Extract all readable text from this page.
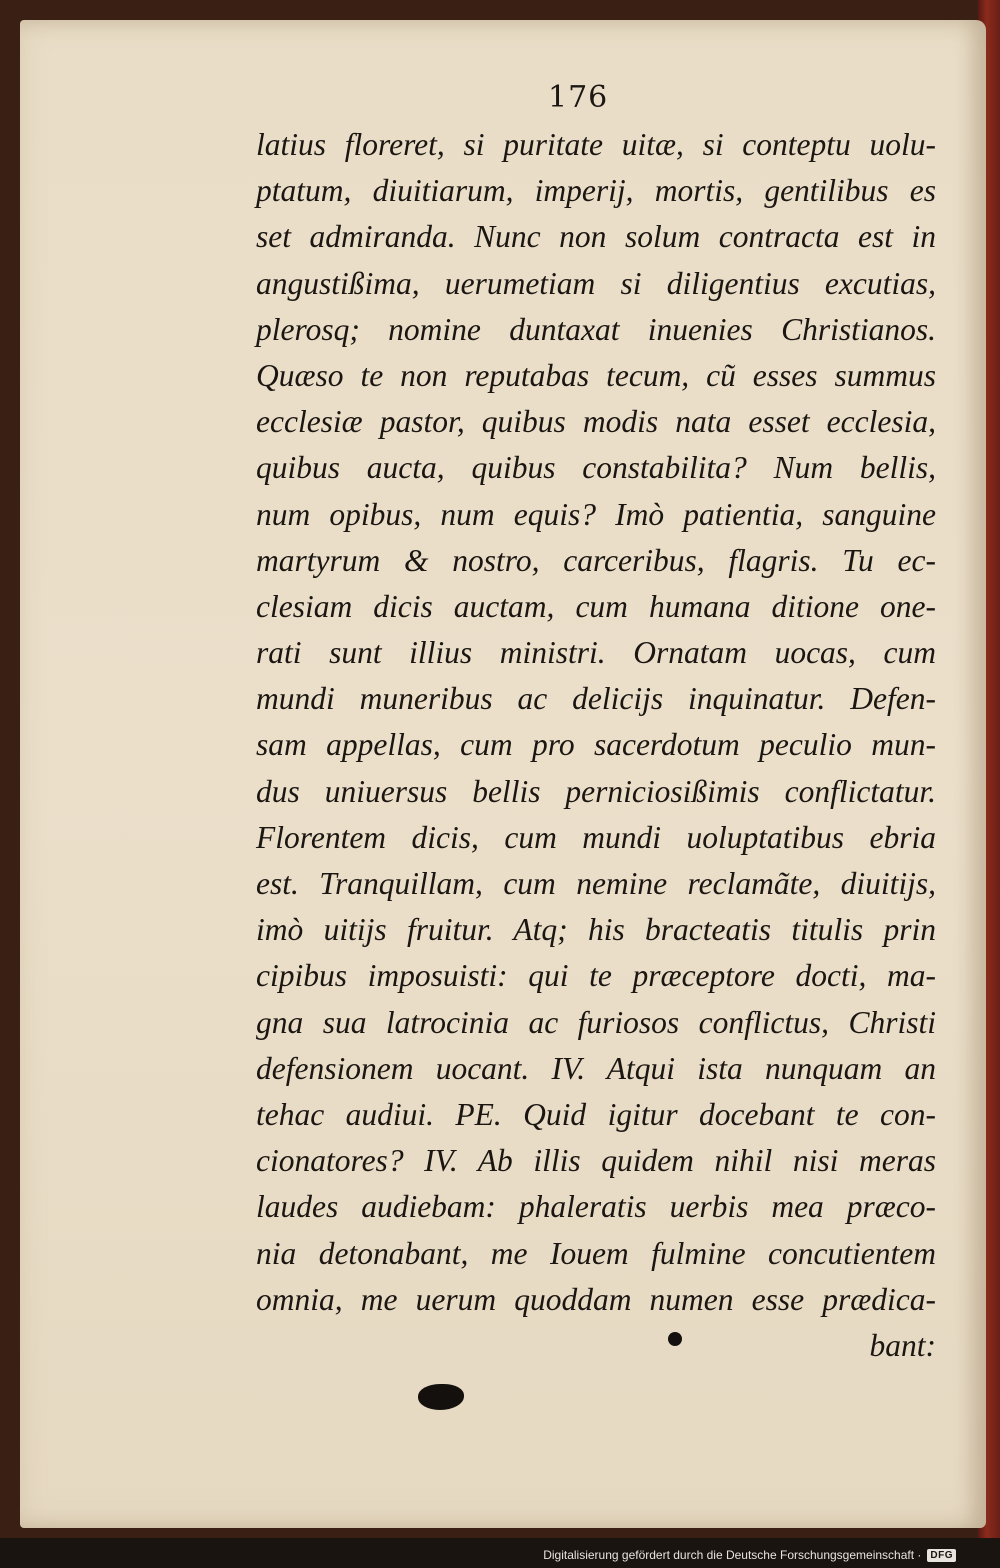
176
latius floreret, si puritate uitæ, si conteptu uolu-
ptatum, diuitiarum, imperij, mortis, gentilibus es
set admiranda. Nunc non solum contracta est in
angustißima, uerumetiam si diligentius excutias,
plerosq; nomine duntaxat inuenies Christianos.
Quæso te non reputabas tecum, cũ esses summus
ecclesiæ pastor, quibus modis nata esset ecclesia,
quibus aucta, quibus constabilita? Num bellis,
num opibus, num equis? Imò patientia, sanguine
martyrum & nostro, carceribus, flagris. Tu ec-
clesiam dicis auctam, cum humana ditione one-
rati sunt illius ministri. Ornatam uocas, cum
mundi muneribus ac delicijs inquinatur. Defen-
sam appellas, cum pro sacerdotum peculio mun-
dus uniuersus bellis perniciosißimis conflictatur.
Florentem dicis, cum mundi uoluptatibus ebria
est. Tranquillam, cum nemine reclamãte, diuitijs,
imò uitijs fruitur. Atq; his bracteatis titulis prin
cipibus imposuisti: qui te præceptore docti, ma-
gna sua latrocinia ac furiosos conflictus, Christi
defensionem uocant. IV. Atqui ista nunquam an
tehac audiui. PE. Quid igitur docebant te con-
cionatores? IV. Ab illis quidem nihil nisi meras
laudes audiebam: phaleratis uerbis mea præco-
nia detonabant, me Iouem fulmine concutientem
omnia, me uerum quoddam numen esse prædica-
bant:
Digitalisierung gefördert durch die Deutsche Forschungsgemeinschaft · DFG
